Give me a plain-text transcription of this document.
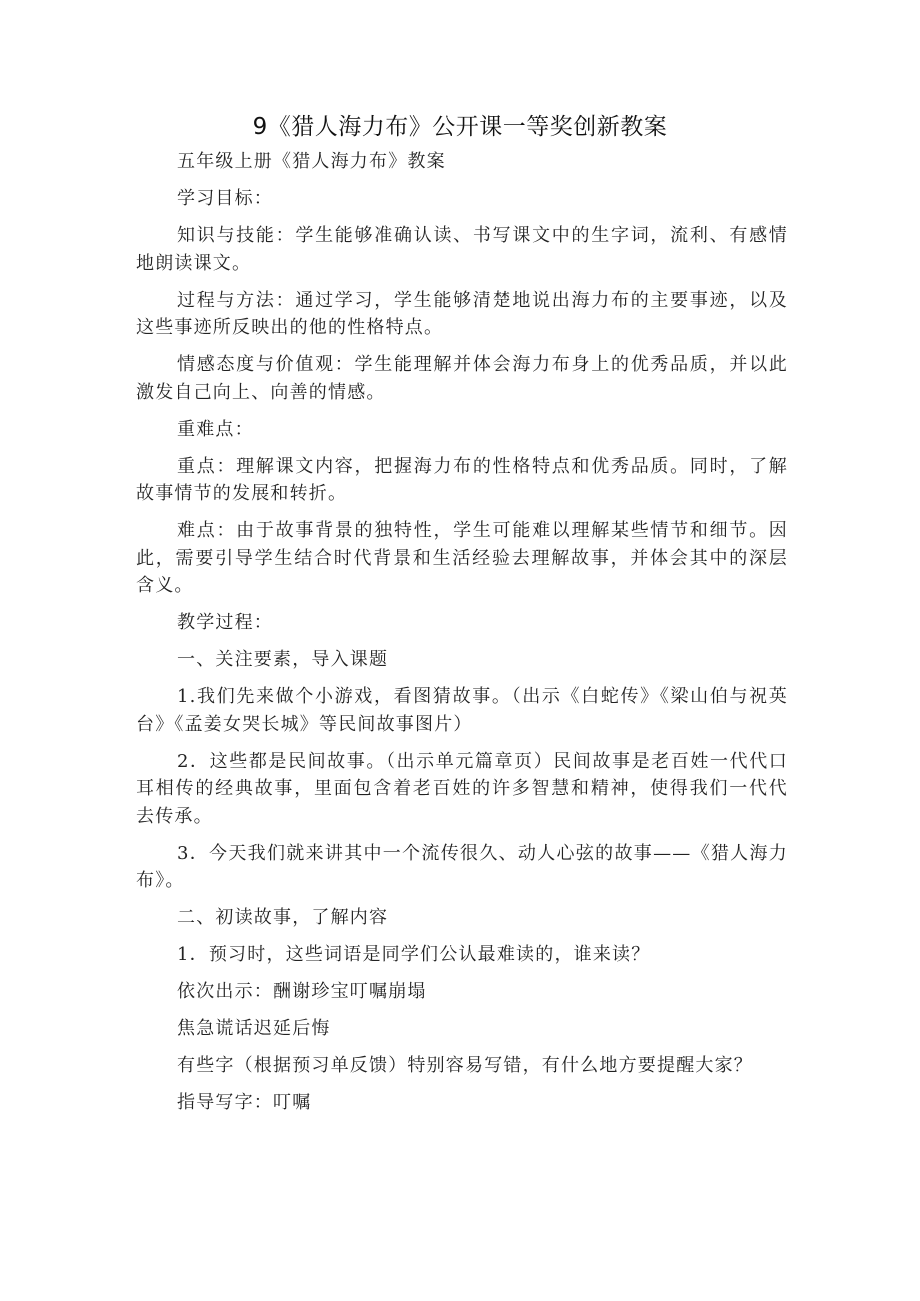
9《猎人海力布》公开课一等奖创新教案

五年级上册《猎人海力布》教案

学习目标：

知识与技能：学生能够准确认读、书写课文中的生字词，流利、有感情地朗读课文。

过程与方法：通过学习，学生能够清楚地说出海力布的主要事迹，以及这些事迹所反映出的他的性格特点。

情感态度与价值观：学生能理解并体会海力布身上的优秀品质，并以此激发自己向上、向善的情感。

重难点：

重点：理解课文内容，把握海力布的性格特点和优秀品质。同时，了解故事情节的发展和转折。

难点：由于故事背景的独特性，学生可能难以理解某些情节和细节。因此，需要引导学生结合时代背景和生活经验去理解故事，并体会其中的深层含义。

教学过程：

一、关注要素，导入课题

1.我们先来做个小游戏，看图猜故事。（出示《白蛇传》《梁山伯与祝英台》《孟姜女哭长城》等民间故事图片）

2．这些都是民间故事。（出示单元篇章页）民间故事是老百姓一代代口耳相传的经典故事，里面包含着老百姓的许多智慧和精神，使得我们一代代去传承。

3．今天我们就来讲其中一个流传很久、动人心弦的故事——《猎人海力布》。

二、初读故事，了解内容

1．预习时，这些词语是同学们公认最难读的，谁来读？

依次出示：酬谢珍宝叮嘱崩塌

焦急谎话迟延后悔

有些字（根据预习单反馈）特别容易写错，有什么地方要提醒大家？

指导写字：叮嘱
